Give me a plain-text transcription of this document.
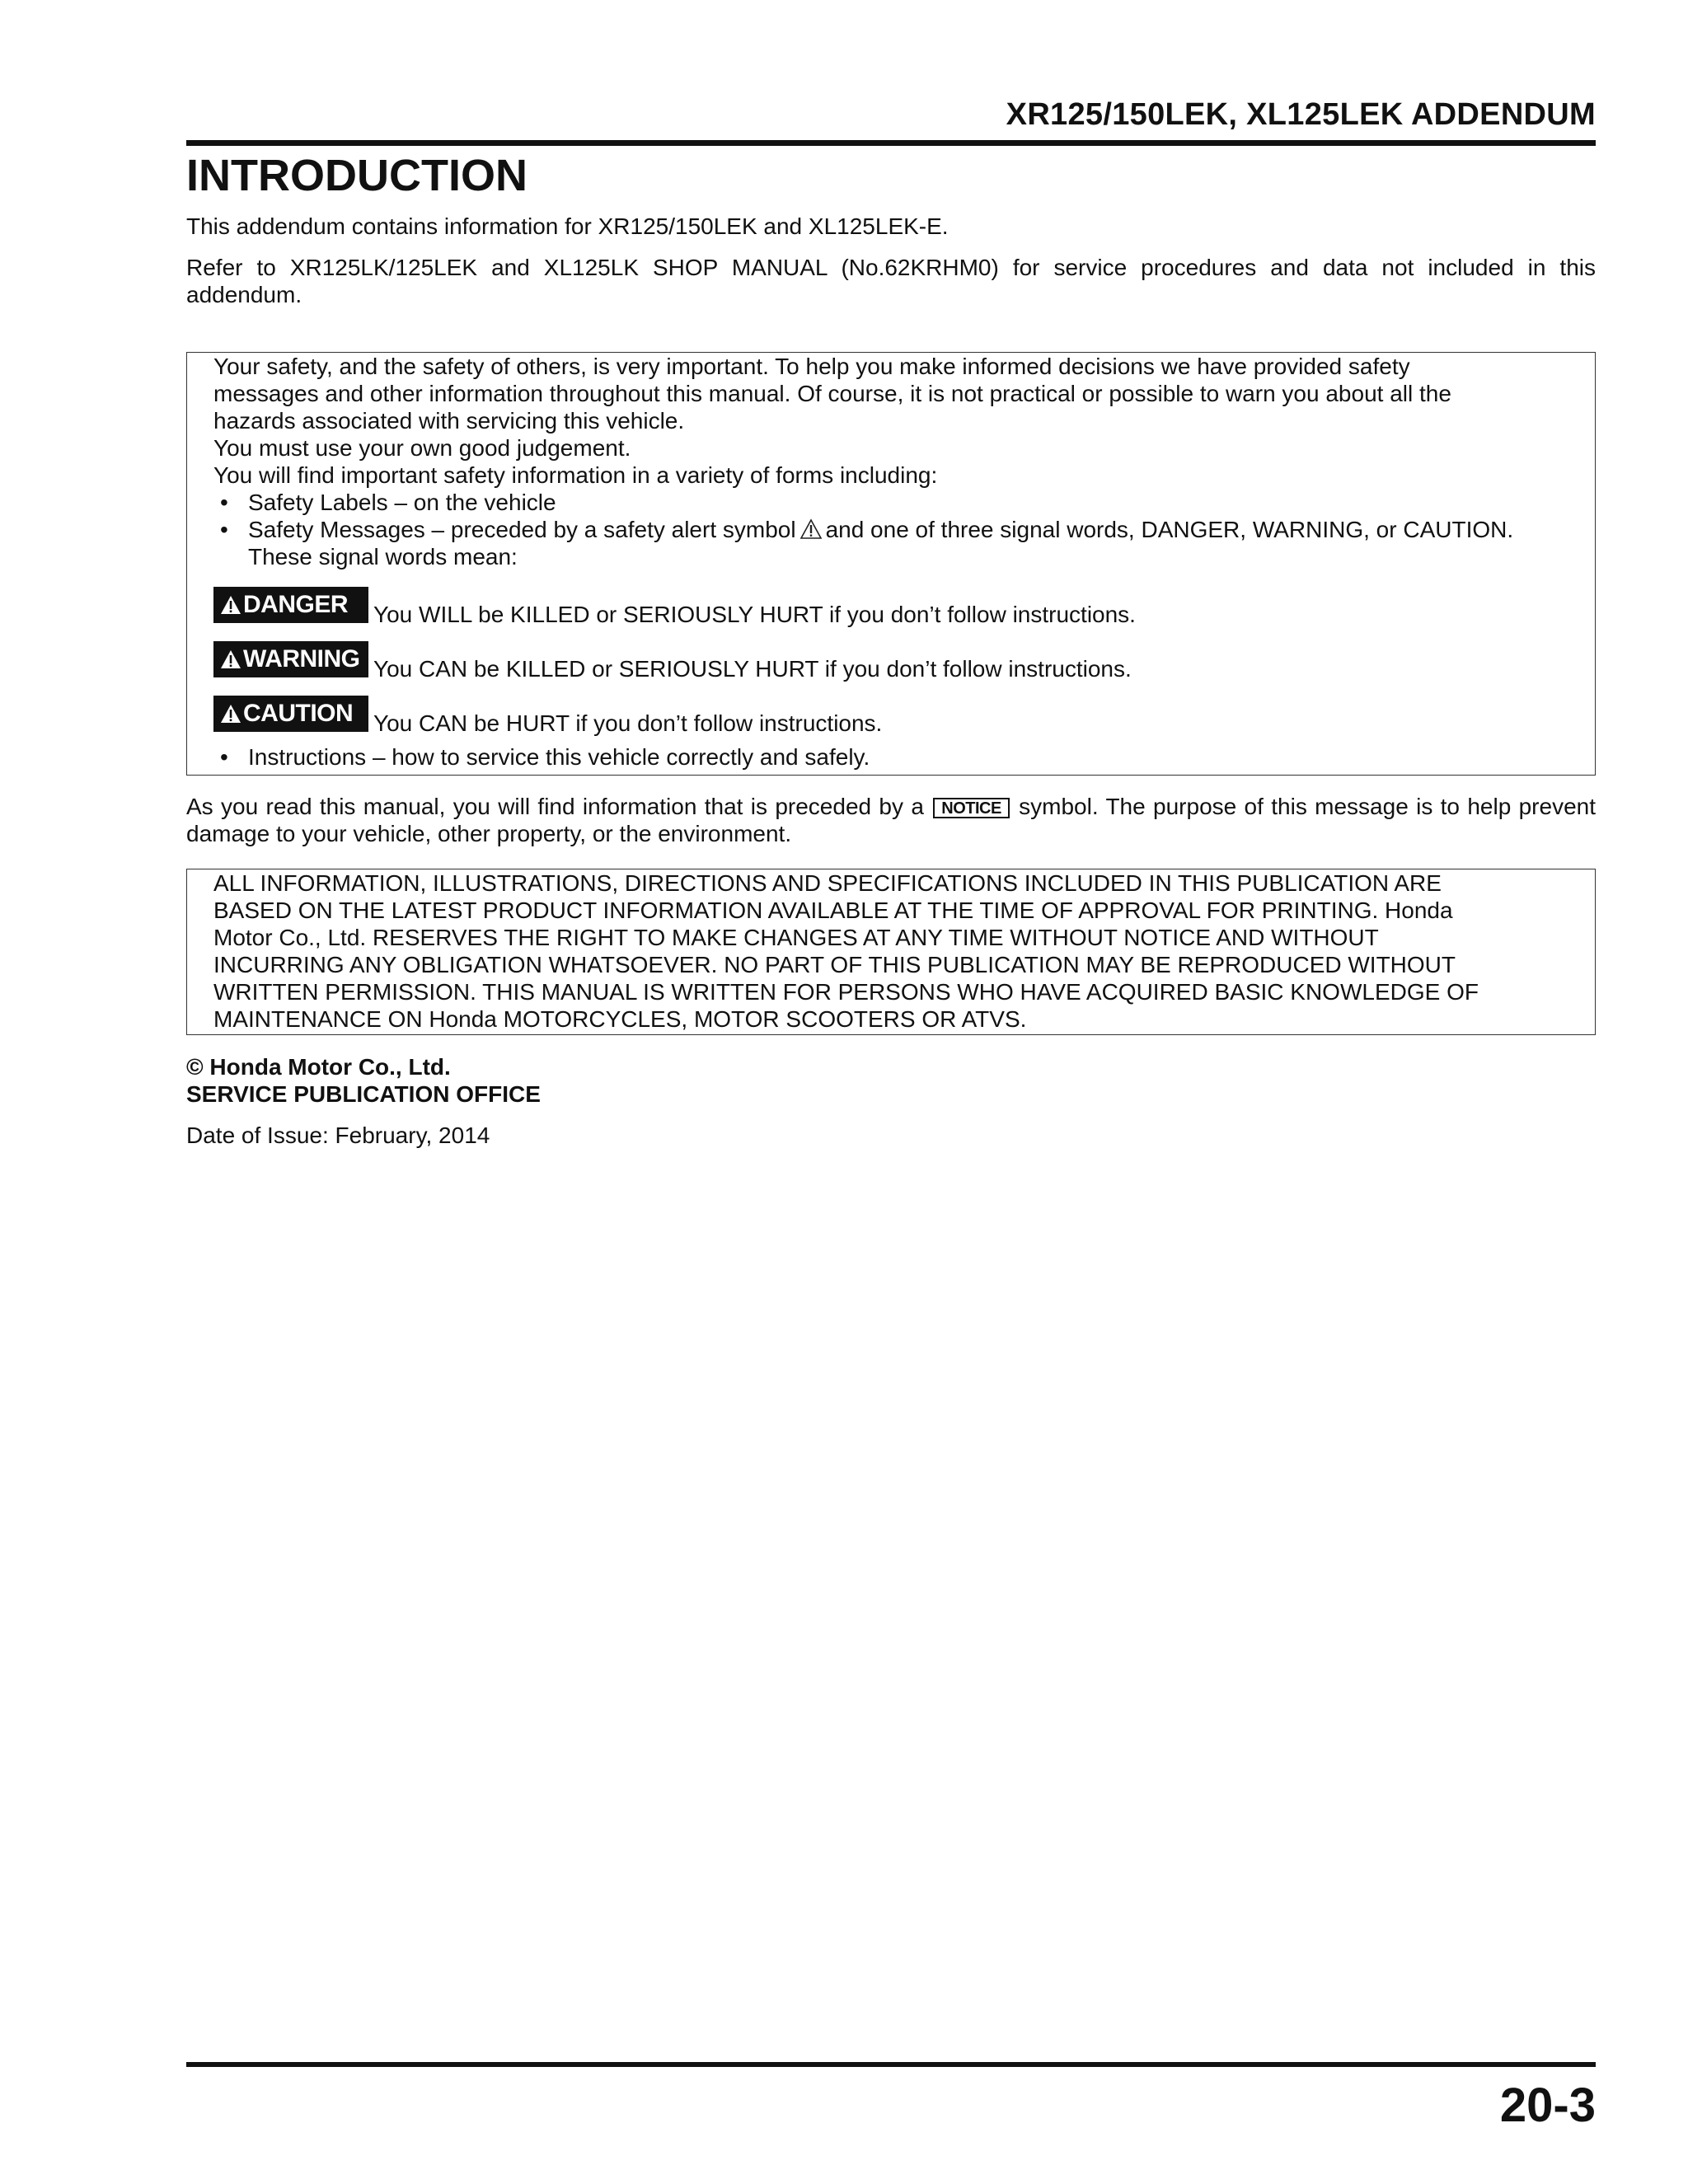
XR125/150LEK, XL125LEK ADDENDUM
INTRODUCTION

This addendum contains information for XR125/150LEK and XL125LEK-E.

Refer to XR125LK/125LEK and XL125LK SHOP MANUAL (No.62KRHM0) for service procedures and data not included in this addendum.

Your safety, and the safety of others, is very important. To help you make informed decisions we have provided safety
messages and other information throughout this manual. Of course, it is not practical or possible to warn you about all the
hazards associated with servicing this vehicle.
You must use your own good judgement.
You will find important safety information in a variety of forms including:
• Safety Labels – on the vehicle
• Safety Messages – preceded by a safety alert symbol and one of three signal words, DANGER, WARNING, or CAUTION.
These signal words mean:
DANGER You WILL be KILLED or SERIOUSLY HURT if you don’t follow instructions.
WARNING You CAN be KILLED or SERIOUSLY HURT if you don’t follow instructions.
CAUTION You CAN be HURT if you don’t follow instructions.
• Instructions – how to service this vehicle correctly and safely.

As you read this manual, you will find information that is preceded by a NOTICE symbol. The purpose of this message is to help prevent damage to your vehicle, other property, or the environment.

ALL INFORMATION, ILLUSTRATIONS, DIRECTIONS AND SPECIFICATIONS INCLUDED IN THIS PUBLICATION ARE
BASED ON THE LATEST PRODUCT INFORMATION AVAILABLE AT THE TIME OF APPROVAL FOR PRINTING. Honda
Motor Co., Ltd. RESERVES THE RIGHT TO MAKE CHANGES AT ANY TIME WITHOUT NOTICE AND WITHOUT
INCURRING ANY OBLIGATION WHATSOEVER. NO PART OF THIS PUBLICATION MAY BE REPRODUCED WITHOUT
WRITTEN PERMISSION. THIS MANUAL IS WRITTEN FOR PERSONS WHO HAVE ACQUIRED BASIC KNOWLEDGE OF
MAINTENANCE ON Honda MOTORCYCLES, MOTOR SCOOTERS OR ATVS.
© Honda Motor Co., Ltd.
SERVICE PUBLICATION OFFICE
Date of Issue: February, 2014
20-3
